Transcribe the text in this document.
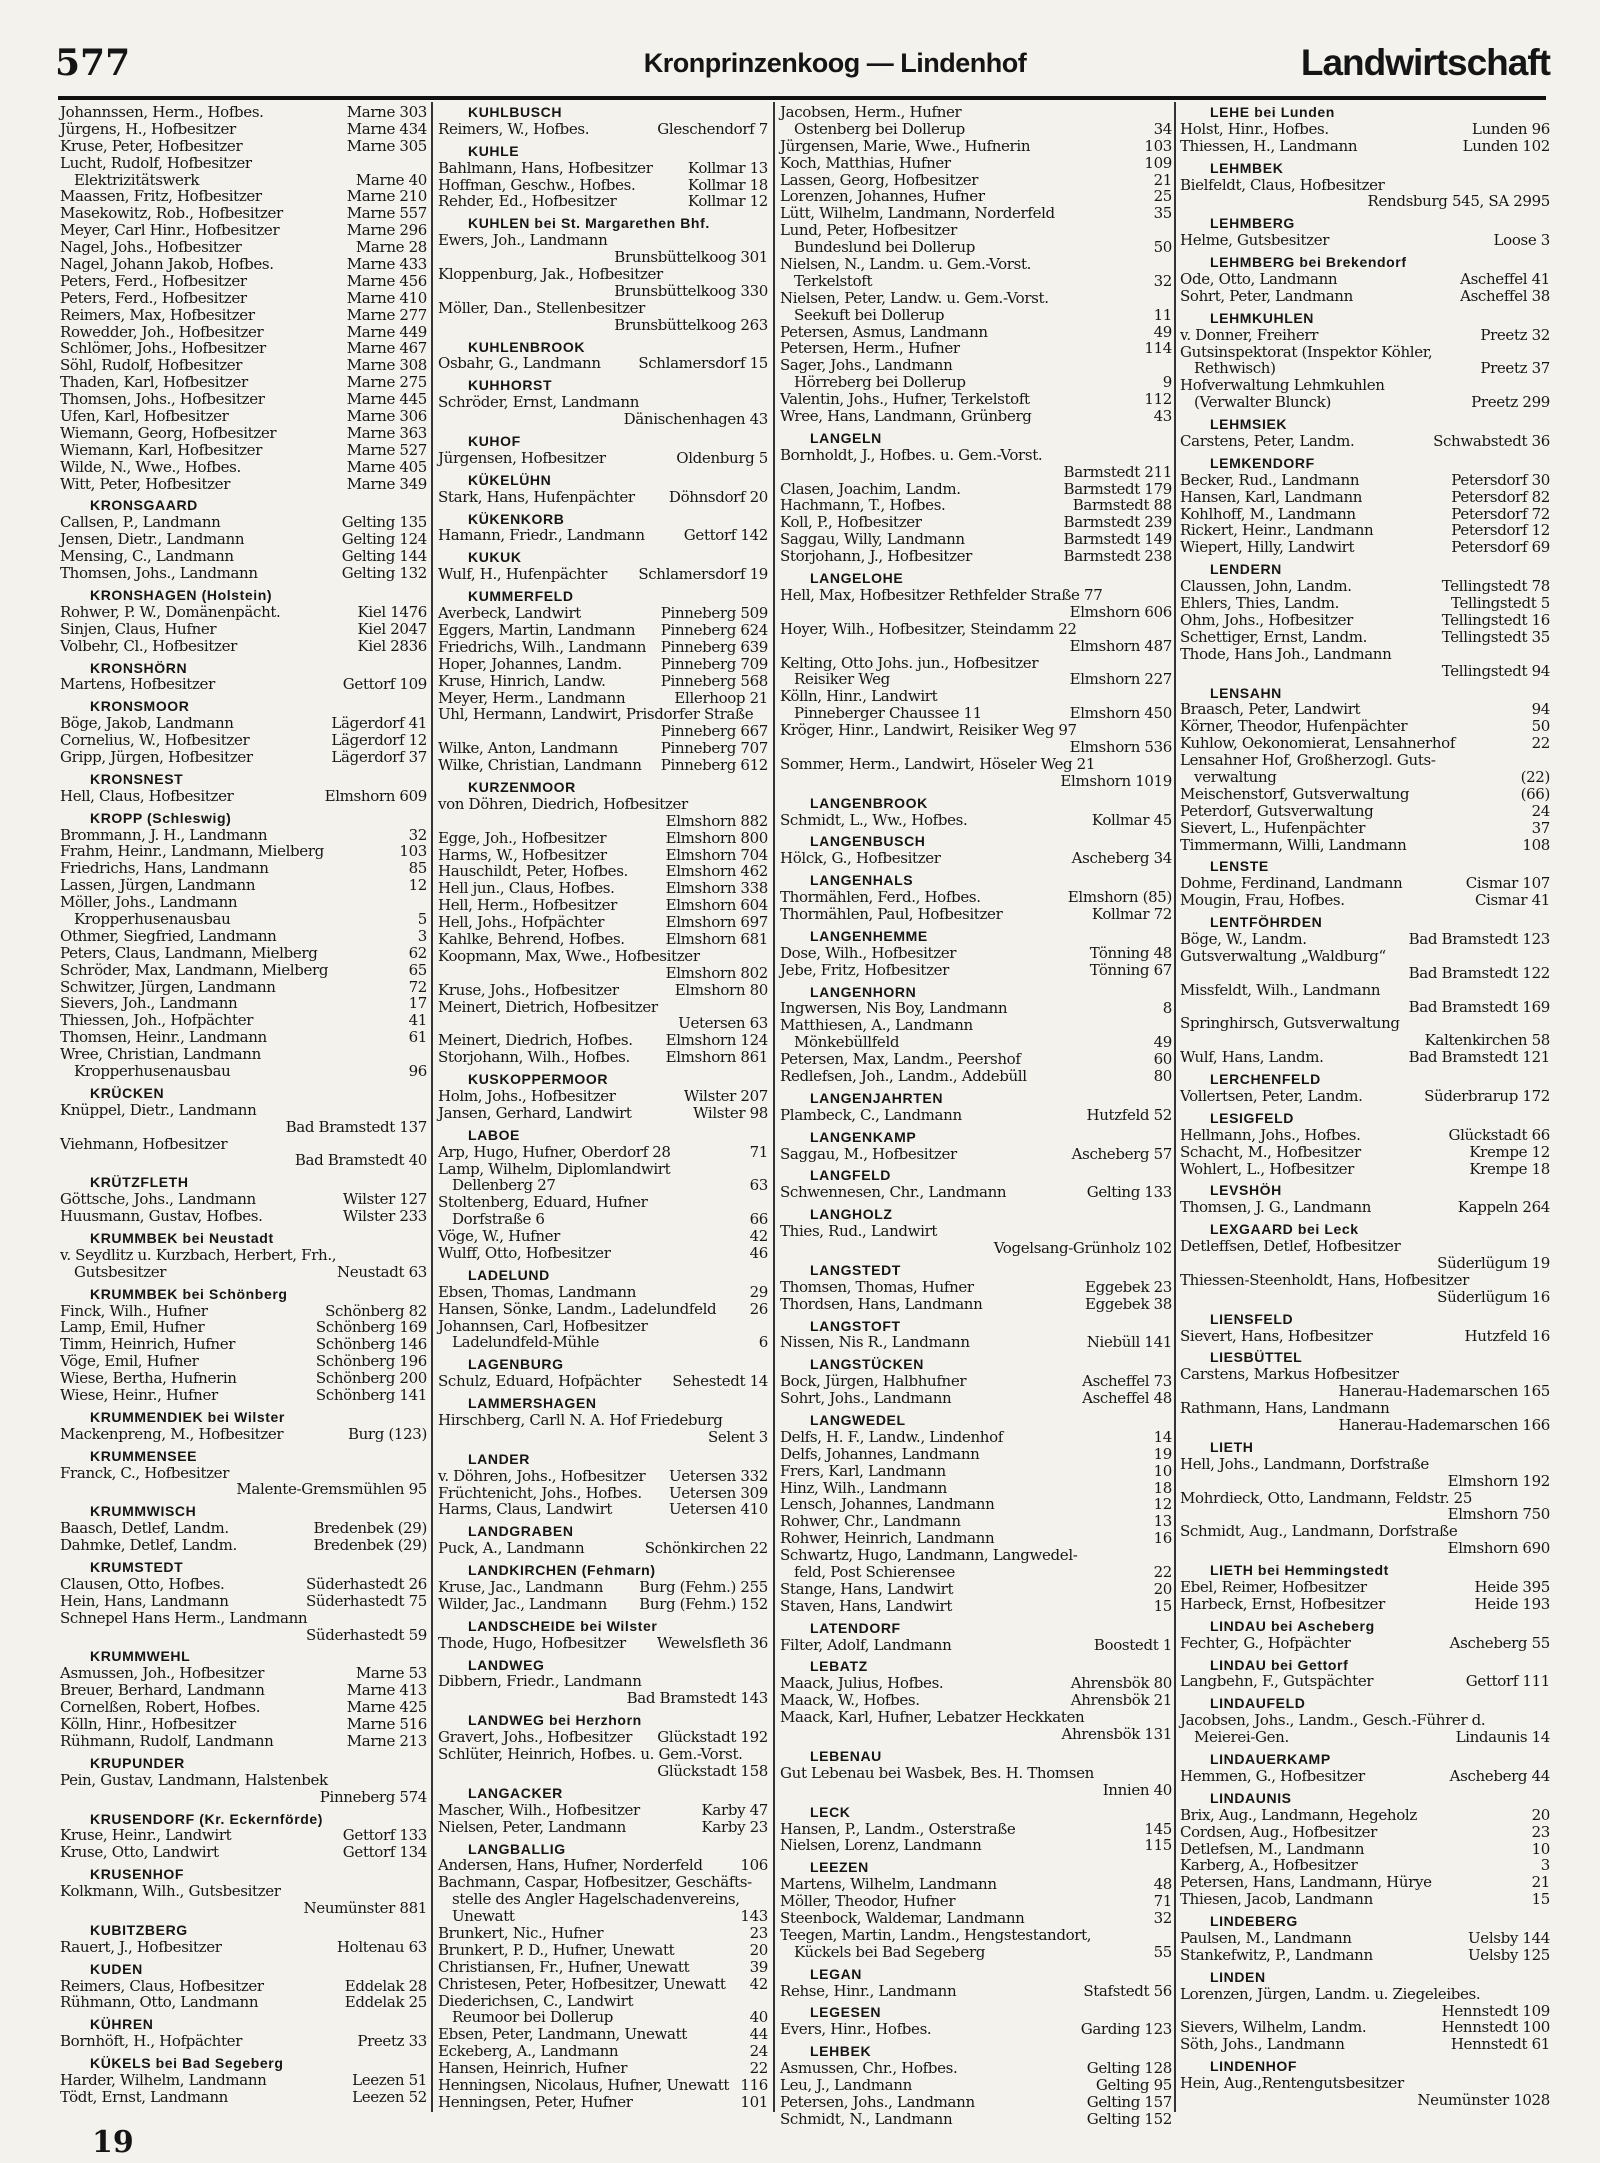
577	Kronprinzenkoog — Lindenhof	Landwirtschaft
Johannssen, Herm., Hofbes.	Marne 303
Jürgens, H., Hofbesitzer	Marne 434
Kruse, Peter, Hofbesitzer	Marne 305
Lucht, Rudolf, Hofbesitzer
Elektrizitätswerk	Marne 40
Maassen, Fritz, Hofbesitzer	Marne 210
Masekowitz, Rob., Hofbesitzer	Marne 557
Meyer, Carl Hinr., Hofbesitzer	Marne 296
Nagel, Johs., Hofbesitzer	Marne 28
Nagel, Johann Jakob, Hofbes.	Marne 433
Peters, Ferd., Hofbesitzer	Marne 456
Peters, Ferd., Hofbesitzer	Marne 410
Reimers, Max, Hofbesitzer	Marne 277
Rowedder, Joh., Hofbesitzer	Marne 449
Schlömer, Johs., Hofbesitzer	Marne 467
Söhl, Rudolf, Hofbesitzer	Marne 308
Thaden, Karl, Hofbesitzer	Marne 275
Thomsen, Johs., Hofbesitzer	Marne 445
Ufen, Karl, Hofbesitzer	Marne 306
Wiemann, Georg, Hofbesitzer	Marne 363
Wiemann, Karl, Hofbesitzer	Marne 527
Wilde, N., Wwe., Hofbes.	Marne 405
Witt, Peter, Hofbesitzer	Marne 349
KRONSGAARD
Callsen, P., Landmann	Gelting 135
Jensen, Dietr., Landmann	Gelting 124
Mensing, C., Landmann	Gelting 144
Thomsen, Johs., Landmann	Gelting 132
KRONSHAGEN (Holstein)
Rohwer, P. W., Domänenpächt.	Kiel 1476
Sinjen, Claus, Hufner	Kiel 2047
Volbehr, Cl., Hofbesitzer	Kiel 2836
KRONSHÖRN
Martens, Hofbesitzer	Gettorf 109
KRONSMOOR
Böge, Jakob, Landmann	Lägerdorf 41
Cornelius, W., Hofbesitzer	Lägerdorf 12
Gripp, Jürgen, Hofbesitzer	Lägerdorf 37
KRONSNEST
Hell, Claus, Hofbesitzer	Elmshorn 609
KROPP (Schleswig)
Brommann, J. H., Landmann	32
Frahm, Heinr., Landmann, Mielberg	103
Friedrichs, Hans, Landmann	85
Lassen, Jürgen, Landmann	12
Möller, Johs., Landmann
Kropperhusenausbau	5
Othmer, Siegfried, Landmann	3
Peters, Claus, Landmann, Mielberg	62
Schröder, Max, Landmann, Mielberg	65
Schwitzer, Jürgen, Landmann	72
Sievers, Joh., Landmann	17
Thiessen, Joh., Hofpächter	41
Thomsen, Heinr., Landmann	61
Wree, Christian, Landmann
Kropperhusenausbau	96
KRÜCKEN
Knüppel, Dietr., Landmann
Bad Bramstedt 137
Viehmann, Hofbesitzer
Bad Bramstedt 40
KRÜTZFLETH
Göttsche, Johs., Landmann	Wilster 127
Huusmann, Gustav, Hofbes.	Wilster 233
KRUMMBEK bei Neustadt
v. Seydlitz u. Kurzbach, Herbert, Frh.,
Gutsbesitzer	Neustadt 63
KRUMMBEK bei Schönberg
Finck, Wilh., Hufner	Schönberg 82
Lamp, Emil, Hufner	Schönberg 169
Timm, Heinrich, Hufner	Schönberg 146
Vöge, Emil, Hufner	Schönberg 196
Wiese, Bertha, Hufnerin	Schönberg 200
Wiese, Heinr., Hufner	Schönberg 141
KRUMMENDIEK bei Wilster
Mackenpreng, M., Hofbesitzer	Burg (123)
KRUMMENSEE
Franck, C., Hofbesitzer
Malente-Gremsmühlen 95
KRUMMWISCH
Baasch, Detlef, Landm.	Bredenbek (29)
Dahmke, Detlef, Landm.	Bredenbek (29)
KRUMSTEDT
Clausen, Otto, Hofbes.	Süderhastedt 26
Hein, Hans, Landmann	Süderhastedt 75
Schnepel Hans Herm., Landmann
Süderhastedt 59
KRUMMWEHL
Asmussen, Joh., Hofbesitzer	Marne 53
Breuer, Berhard, Landmann	Marne 413
Cornelßen, Robert, Hofbes.	Marne 425
Kölln, Hinr., Hofbesitzer	Marne 516
Rühmann, Rudolf, Landmann	Marne 213
KRUPUNDER
Pein, Gustav, Landmann, Halstenbek
Pinneberg 574
KRUSENDORF (Kr. Eckernförde)
Kruse, Heinr., Landwirt	Gettorf 133
Kruse, Otto, Landwirt	Gettorf 134
KRUSENHOF
Kolkmann, Wilh., Gutsbesitzer
Neumünster 881
KUBITZBERG
Rauert, J., Hofbesitzer	Holtenau 63
KUDEN
Reimers, Claus, Hofbesitzer	Eddelak 28
Rühmann, Otto, Landmann	Eddelak 25
KÜHREN
Bornhöft, H., Hofpächter	Preetz 33
KÜKELS bei Bad Segeberg
Harder, Wilhelm, Landmann	Leezen 51
Tödt, Ernst, Landmann	Leezen 52
KUHLBUSCH
Reimers, W., Hofbes.	Gleschendorf 7
KUHLE
Bahlmann, Hans, Hofbesitzer	Kollmar 13
Hoffman, Geschw., Hofbes.	Kollmar 18
Rehder, Ed., Hofbesitzer	Kollmar 12
KUHLEN bei St. Margarethen Bhf.
Ewers, Joh., Landmann
Brunsbüttelkoog 301
Kloppenburg, Jak., Hofbesitzer
Brunsbüttelkoog 330
Möller, Dan., Stellenbesitzer
Brunsbüttelkoog 263
KUHLENBROOK
Osbahr, G., Landmann	Schlamersdorf 15
KUHHORST
Schröder, Ernst, Landmann
Dänischenhagen 43
KUHOF
Jürgensen, Hofbesitzer	Oldenburg 5
KÜKELÜHN
Stark, Hans, Hufenpächter	Döhnsdorf 20
KÜKENKORB
Hamann, Friedr., Landmann	Gettorf 142
KUKUK
Wulf, H., Hufenpächter	Schlamersdorf 19
KUMMERFELD
Averbeck, Landwirt	Pinneberg 509
Eggers, Martin, Landmann	Pinneberg 624
Friedrichs, Wilh., Landmann Pinneberg 639
Hoper, Johannes, Landm.	Pinneberg 709
Kruse, Hinrich, Landw.	Pinneberg 568
Meyer, Herm., Landmann	Ellerhoop 21
Uhl, Hermann, Landwirt, Prisdorfer Straße
Pinneberg 667
Wilke, Anton, Landmann	Pinneberg 707
Wilke, Christian, Landmann	Pinneberg 612
KURZENMOOR
von Döhren, Diedrich, Hofbesitzer
Elmshorn 882
Egge, Joh., Hofbesitzer	Elmshorn 800
Harms, W., Hofbesitzer	Elmshorn 704
Hauschildt, Peter, Hofbes.	Elmshorn 462
Hell jun., Claus, Hofbes.	Elmshorn 338
Hell, Herm., Hofbesitzer	Elmshorn 604
Hell, Johs., Hofpächter	Elmshorn 697
Kahlke, Behrend, Hofbes.	Elmshorn 681
Koopmann, Max, Wwe., Hofbesitzer
Elmshorn 802
Kruse, Johs., Hofbesitzer	Elmshorn 80
Meinert, Dietrich, Hofbesitzer
Uetersen 63
Meinert, Diedrich, Hofbes.	Elmshorn 124
Storjohann, Wilh., Hofbes.	Elmshorn 861
KUSKOPPERMOOR
Holm, Johs., Hofbesitzer	Wilster 207
Jansen, Gerhard, Landwirt	Wilster 98
LABOE
Arp, Hugo, Hufner, Oberdorf 28	71
Lamp, Wilhelm, Diplomlandwirt
Dellenberg 27	63
Stoltenberg, Eduard, Hufner
Dorfstraße 6	66
Vöge, W., Hufner	42
Wulff, Otto, Hofbesitzer	46
LADELUND
Ebsen, Thomas, Landmann	29
Hansen, Sönke, Landm., Ladelundfeld	26
Johannsen, Carl, Hofbesitzer
Ladelundfeld-Mühle	6
LAGENBURG
Schulz, Eduard, Hofpächter	Sehestedt 14
LAMMERSHAGEN
Hirschberg, Carll N. A. Hof Friedeburg
Selent 3
LANDER
v. Döhren, Johs., Hofbesitzer	Uetersen 332
Früchtenicht, Johs., Hofbes.	Uetersen 309
Harms, Claus, Landwirt	Uetersen 410
LANDGRABEN
Puck, A., Landmann	Schönkirchen 22
LANDKIRCHEN (Fehmarn)
Kruse, Jac., Landmann	Burg (Fehm.) 255
Wilder, Jac., Landmann	Burg (Fehm.) 152
LANDSCHEIDE bei Wilster
Thode, Hugo, Hofbesitzer	Wewelsfleth 36
LANDWEG
Dibbern, Friedr., Landmann
Bad Bramstedt 143
LANDWEG bei Herzhorn
Gravert, Johs., Hofbesitzer	Glückstadt 192
Schlüter, Heinrich, Hofbes. u. Gem.-Vorst.
Glückstadt 158
LANGACKER
Mascher, Wilh., Hofbesitzer	Karby 47
Nielsen, Peter, Landmann	Karby 23
LANGBALLIG
Andersen, Hans, Hufner, Norderfeld	106
Bachmann, Caspar, Hofbesitzer, Geschäfts-
stelle des Angler Hagelschadenvereins,
Unewatt	143
Brunkert, Nic., Hufner	23
Brunkert, P. D., Hufner, Unewatt	20
Christiansen, Fr., Hufner, Unewatt	39
Christesen, Peter, Hofbesitzer, Unewatt	42
Diederichsen, C., Landwirt
Reumoor bei Dollerup	40
Ebsen, Peter, Landmann, Unewatt	44
Eckeberg, A., Landmann	24
Hansen, Heinrich, Hufner	22
Henningsen, Nicolaus, Hufner, Unewatt 116
Henningsen, Peter, Hufner	101
Jacobsen, Herm., Hufner
Ostenberg bei Dollerup	34
Jürgensen, Marie, Wwe., Hufnerin	103
Koch, Matthias, Hufner	109
Lassen, Georg, Hofbesitzer	21
Lorenzen, Johannes, Hufner	25
Lütt, Wilhelm, Landmann, Norderfeld	35
Lund, Peter, Hofbesitzer
Bundeslund bei Dollerup	50
Nielsen, N., Landm. u. Gem.-Vorst.
Terkelstoft	32
Nielsen, Peter, Landw. u. Gem.-Vorst.
Seekuft bei Dollerup	11
Petersen, Asmus, Landmann	49
Petersen, Herm., Hufner	114
Sager, Johs., Landmann
Hörreberg bei Dollerup	9
Valentin, Johs., Hufner, Terkelstoft	112
Wree, Hans, Landmann, Grünberg	43
LANGELN
Bornholdt, J., Hofbes. u. Gem.-Vorst.
Barmstedt 211
Clasen, Joachim, Landm.	Barmstedt 179
Hachmann, T., Hofbes.	Barmstedt 88
Koll, P., Hofbesitzer	Barmstedt 239
Saggau, Willy, Landmann	Barmstedt 149
Storjohann, J., Hofbesitzer	Barmstedt 238
LANGELOHE
Hell, Max, Hofbesitzer Rethfelder Straße 77
Elmshorn 606
Hoyer, Wilh., Hofbesitzer, Steindamm 22
Elmshorn 487
Kelting, Otto Johs. jun., Hofbesitzer
Reisiker Weg	Elmshorn 227
Kölln, Hinr., Landwirt
Pinneberger Chaussee 11	Elmshorn 450
Kröger, Hinr., Landwirt, Reisiker Weg 97
Elmshorn 536
Sommer, Herm., Landwirt, Höseler Weg 21
Elmshorn 1019
LANGENBROOK
Schmidt, L., Ww., Hofbes.	Kollmar 45
LANGENBUSCH
Hölck, G., Hofbesitzer	Ascheberg 34
LANGENHALS
Thormählen, Ferd., Hofbes.	Elmshorn (85)
Thormählen, Paul, Hofbesitzer	Kollmar 72
LANGENHEMME
Dose, Wilh., Hofbesitzer	Tönning 48
Jebe, Fritz, Hofbesitzer	Tönning 67
LANGENHORN
Ingwersen, Nis Boy, Landmann	8
Matthiesen, A., Landmann
Mönkebüllfeld	49
Petersen, Max, Landm., Peershof	60
Redlefsen, Joh., Landm., Addebüll	80
LANGENJAHRTEN
Plambeck, C., Landmann	Hutzfeld 52
LANGENKAMP
Saggau, M., Hofbesitzer	Ascheberg 57
LANGFELD
Schwennesen, Chr., Landmann	Gelting 133
LANGHOLZ
Thies, Rud., Landwirt
Vogelsang-Grünholz 102
LANGSTEDT
Thomsen, Thomas, Hufner	Eggebek 23
Thordsen, Hans, Landmann	Eggebek 38
LANGSTOFT
Nissen, Nis R., Landmann	Niebüll 141
LANGSTÜCKEN
Bock, Jürgen, Halbhufner	Ascheffel 73
Sohrt, Johs., Landmann	Ascheffel 48
LANGWEDEL
Delfs, H. F., Landw., Lindenhof	14
Delfs, Johannes, Landmann	19
Frers, Karl, Landmann	10
Hinz, Wilh., Landmann	18
Lensch, Johannes, Landmann	12
Rohwer, Chr., Landmann	13
Rohwer, Heinrich, Landmann	16
Schwartz, Hugo, Landmann, Langwedel-
feld, Post Schierensee	22
Stange, Hans, Landwirt	20
Staven, Hans, Landwirt	15
LATENDORF
Filter, Adolf, Landmann	Boostedt 1
LEBATZ
Maack, Julius, Hofbes.	Ahrensbök 80
Maack, W., Hofbes.	Ahrensbök 21
Maack, Karl, Hufner, Lebatzer Heckkaten
Ahrensbök 131
LEBENAU
Gut Lebenau bei Wasbek, Bes. H. Thomsen
Innien 40
LECK
Hansen, P., Landm., Osterstraße	145
Nielsen, Lorenz, Landmann	115
LEEZEN
Martens, Wilhelm, Landmann	48
Möller, Theodor, Hufner	71
Steenbock, Waldemar, Landmann	32
Teegen, Martin, Landm., Hengstestandort,
Kückels bei Bad Segeberg	55
LEGAN
Rehse, Hinr., Landmann	Stafstedt 56
LEGESEN
Evers, Hinr., Hofbes.	Garding 123
LEHBEK
Asmussen, Chr., Hofbes.	Gelting 128
Leu, J., Landmann	Gelting 95
Petersen, Johs., Landmann	Gelting 157
Schmidt, N., Landmann	Gelting 152
LEHE bei Lunden
Holst, Hinr., Hofbes.	Lunden 96
Thiessen, H., Landmann	Lunden 102
LEHMBEK
Bielfeldt, Claus, Hofbesitzer
Rendsburg 545, SA 2995
LEHMBERG
Helme, Gutsbesitzer	Loose 3
LEHMBERG bei Brekendorf
Ode, Otto, Landmann	Ascheffel 41
Sohrt, Peter, Landmann	Ascheffel 38
LEHMKUHLEN
v. Donner, Freiherr	Preetz 32
Gutsinspektorat (Inspektor Köhler,
Rethwisch)	Preetz 37
Hofverwaltung Lehmkuhlen
(Verwalter Blunck)	Preetz 299
LEHMSIEK
Carstens, Peter, Landm.	Schwabstedt 36
LEMKENDORF
Becker, Rud., Landmann	Petersdorf 30
Hansen, Karl, Landmann	Petersdorf 82
Kohlhoff, M., Landmann	Petersdorf 72
Rickert, Heinr., Landmann	Petersdorf 12
Wiepert, Hilly, Landwirt	Petersdorf 69
LENDERN
Claussen, John, Landm.	Tellingstedt 78
Ehlers, Thies, Landm.	Tellingstedt 5
Ohm, Johs., Hofbesitzer	Tellingstedt 16
Schettiger, Ernst, Landm.	Tellingstedt 35
Thode, Hans Joh., Landmann
Tellingstedt 94
LENSAHN
Braasch, Peter, Landwirt	94
Körner, Theodor, Hufenpächter	50
Kuhlow, Oekonomierat, Lensahnerhof	22
Lensahner Hof, Großherzogl. Guts-
verwaltung	(22)
Meischenstorf, Gutsverwaltung	(66)
Peterdorf, Gutsverwaltung	24
Sievert, L., Hufenpächter	37
Timmermann, Willi, Landmann	108
LENSTE
Dohme, Ferdinand, Landmann	Cismar 107
Mougin, Frau, Hofbes.	Cismar 41
LENTFÖHRDEN
Böge, W., Landm.	Bad Bramstedt 123
Gutsverwaltung „Waldburg“
Bad Bramstedt 122
Missfeldt, Wilh., Landmann
Bad Bramstedt 169
Springhirsch, Gutsverwaltung
Kaltenkirchen 58
Wulf, Hans, Landm.	Bad Bramstedt 121
LERCHENFELD
Vollertsen, Peter, Landm.	Süderbrarup 172
LESIGFELD
Hellmann, Johs., Hofbes.	Glückstadt 66
Schacht, M., Hofbesitzer	Krempe 12
Wohlert, L., Hofbesitzer	Krempe 18
LEVSHÖH
Thomsen, J. G., Landmann	Kappeln 264
LEXGAARD bei Leck
Detleffsen, Detlef, Hofbesitzer
Süderlügum 19
Thiessen-Steenholdt, Hans, Hofbesitzer
Süderlügum 16
LIENSFELD
Sievert, Hans, Hofbesitzer	Hutzfeld 16
LIESBÜTTEL
Carstens, Markus Hofbesitzer
Hanerau-Hademarschen 165
Rathmann, Hans, Landmann
Hanerau-Hademarschen 166
LIETH
Hell, Johs., Landmann, Dorfstraße
Elmshorn 192
Mohrdieck, Otto, Landmann, Feldstr. 25
Elmshorn 750
Schmidt, Aug., Landmann, Dorfstraße
Elmshorn 690
LIETH bei Hemmingstedt
Ebel, Reimer, Hofbesitzer	Heide 395
Harbeck, Ernst, Hofbesitzer	Heide 193
LINDAU bei Ascheberg
Fechter, G., Hofpächter	Ascheberg 55
LINDAU bei Gettorf
Langbehn, F., Gutspächter	Gettorf 111
LINDAUFELD
Jacobsen, Johs., Landm., Gesch.-Führer d.
Meierei-Gen.	Lindaunis 14
LINDAUERKAMP
Hemmen, G., Hofbesitzer	Ascheberg 44
LINDAUNIS
Brix, Aug., Landmann, Hegeholz	20
Cordsen, Aug., Hofbesitzer	23
Detlefsen, M., Landmann	10
Karberg, A., Hofbesitzer	3
Petersen, Hans, Landmann, Hürye	21
Thiesen, Jacob, Landmann	15
LINDEBERG
Paulsen, M., Landmann	Uelsby 144
Stankefwitz, P., Landmann	Uelsby 125
LINDEN
Lorenzen, Jürgen, Landm. u. Ziegeleibes.
Hennstedt 109
Sievers, Wilhelm, Landm.	Hennstedt 100
Söth, Johs., Landmann	Hennstedt 61
LINDENHOF
Hein, Aug.,Rentengutsbesitzer
Neumünster 1028
19
